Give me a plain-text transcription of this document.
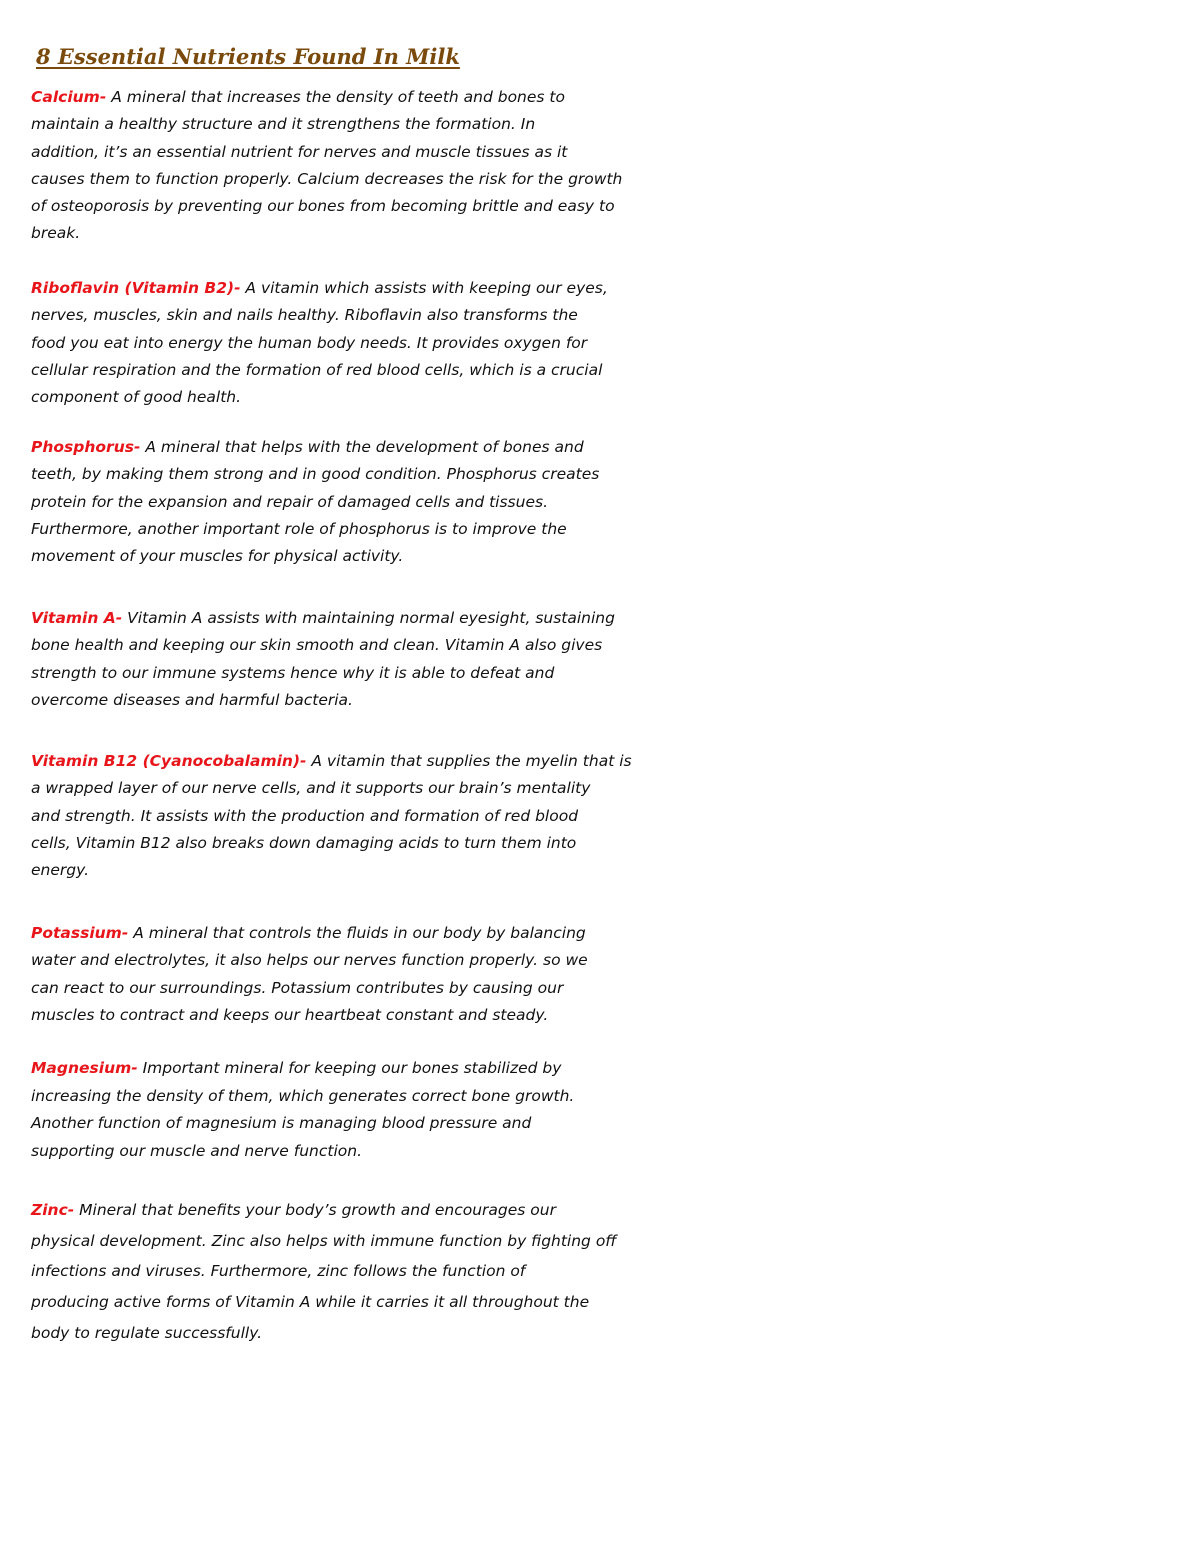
8 Essential Nutrients Found In Milk
Calcium- A mineral that increases the density of teeth and bones to
maintain a healthy structure and it strengthens the formation. In
addition, it’s an essential nutrient for nerves and muscle tissues as it
causes them to function properly. Calcium decreases the risk for the growth
of osteoporosis by preventing our bones from becoming brittle and easy to
break.
Riboflavin (Vitamin B2)- A vitamin which assists with keeping our eyes,
nerves, muscles, skin and nails healthy. Riboflavin also transforms the
food you eat into energy the human body needs. It provides oxygen for
cellular respiration and the formation of red blood cells, which is a crucial
component of good health.
Phosphorus- A mineral that helps with the development of bones and
teeth, by making them strong and in good condition. Phosphorus creates
protein for the expansion and repair of damaged cells and tissues.
Furthermore, another important role of phosphorus is to improve the
movement of your muscles for physical activity.
Vitamin A- Vitamin A assists with maintaining normal eyesight, sustaining
bone health and keeping our skin smooth and clean. Vitamin A also gives
strength to our immune systems hence why it is able to defeat and
overcome diseases and harmful bacteria.
Vitamin B12 (Cyanocobalamin)- A vitamin that supplies the myelin that is
a wrapped layer of our nerve cells, and it supports our brain’s mentality
and strength. It assists with the production and formation of red blood
cells, Vitamin B12 also breaks down damaging acids to turn them into
energy.
Potassium- A mineral that controls the fluids in our body by balancing
water and electrolytes, it also helps our nerves function properly. so we
can react to our surroundings. Potassium contributes by causing our
muscles to contract and keeps our heartbeat constant and steady.
Magnesium- Important mineral for keeping our bones stabilized by
increasing the density of them, which generates correct bone growth.
Another function of magnesium is managing blood pressure and
supporting our muscle and nerve function.
Zinc- Mineral that benefits your body’s growth and encourages our
physical development. Zinc also helps with immune function by fighting off
infections and viruses. Furthermore, zinc follows the function of
producing active forms of Vitamin A while it carries it all throughout the
body to regulate successfully.
